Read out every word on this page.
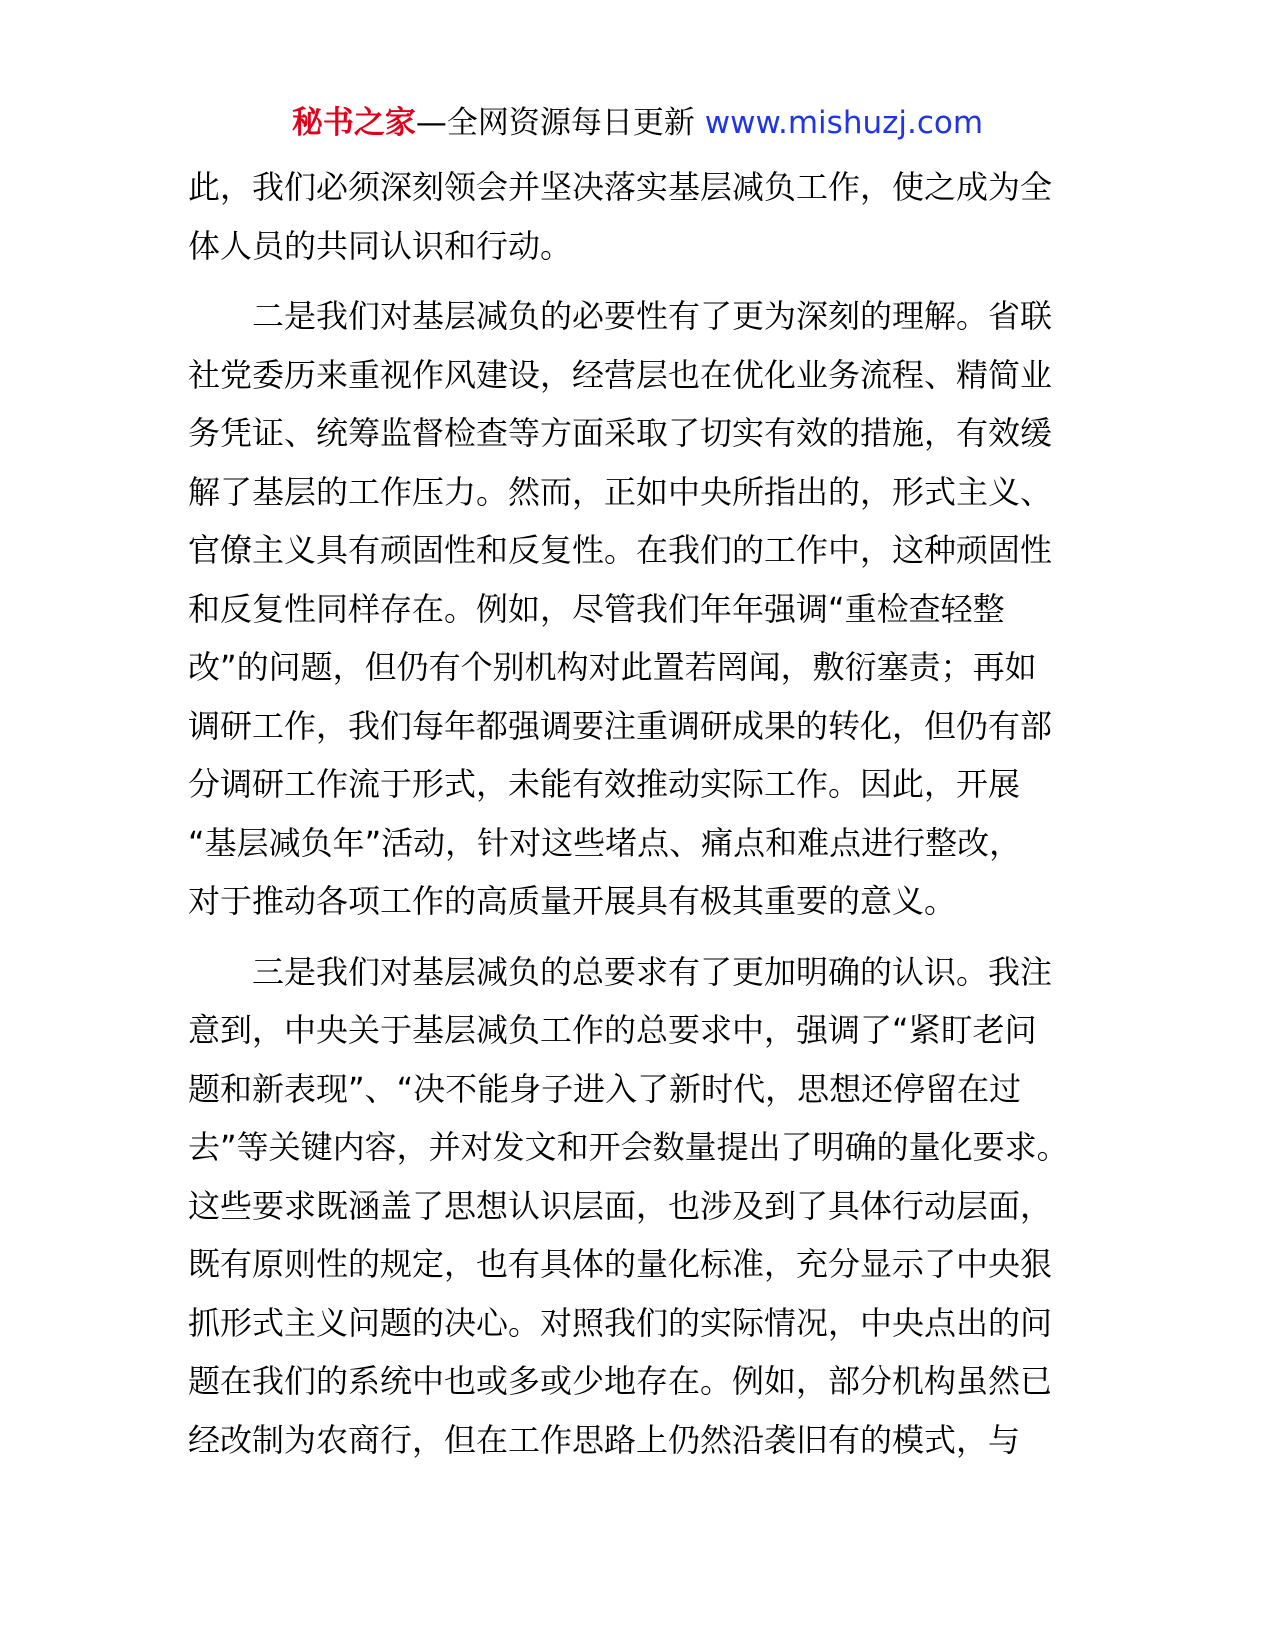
秘书之家—全网资源每日更新 www.mishuzj.com
此，我们必须深刻领会并坚决落实基层减负工作，使之成为全
体人员的共同认识和行动。
　　二是我们对基层减负的必要性有了更为深刻的理解。省联
社党委历来重视作风建设，经营层也在优化业务流程、精简业
务凭证、统筹监督检查等方面采取了切实有效的措施，有效缓
解了基层的工作压力。然而，正如中央所指出的，形式主义、
官僚主义具有顽固性和反复性。在我们的工作中，这种顽固性
和反复性同样存在。例如，尽管我们年年强调“重检查轻整
改”的问题，但仍有个别机构对此置若罔闻，敷衍塞责；再如
调研工作，我们每年都强调要注重调研成果的转化，但仍有部
分调研工作流于形式，未能有效推动实际工作。因此，开展
“基层减负年”活动，针对这些堵点、痛点和难点进行整改，
对于推动各项工作的高质量开展具有极其重要的意义。
　　三是我们对基层减负的总要求有了更加明确的认识。我注
意到，中央关于基层减负工作的总要求中，强调了“紧盯老问
题和新表现”、“决不能身子进入了新时代，思想还停留在过
去”等关键内容，并对发文和开会数量提出了明确的量化要求。
这些要求既涵盖了思想认识层面，也涉及到了具体行动层面，
既有原则性的规定，也有具体的量化标准，充分显示了中央狠
抓形式主义问题的决心。对照我们的实际情况，中央点出的问
题在我们的系统中也或多或少地存在。例如，部分机构虽然已
经改制为农商行，但在工作思路上仍然沿袭旧有的模式，与
